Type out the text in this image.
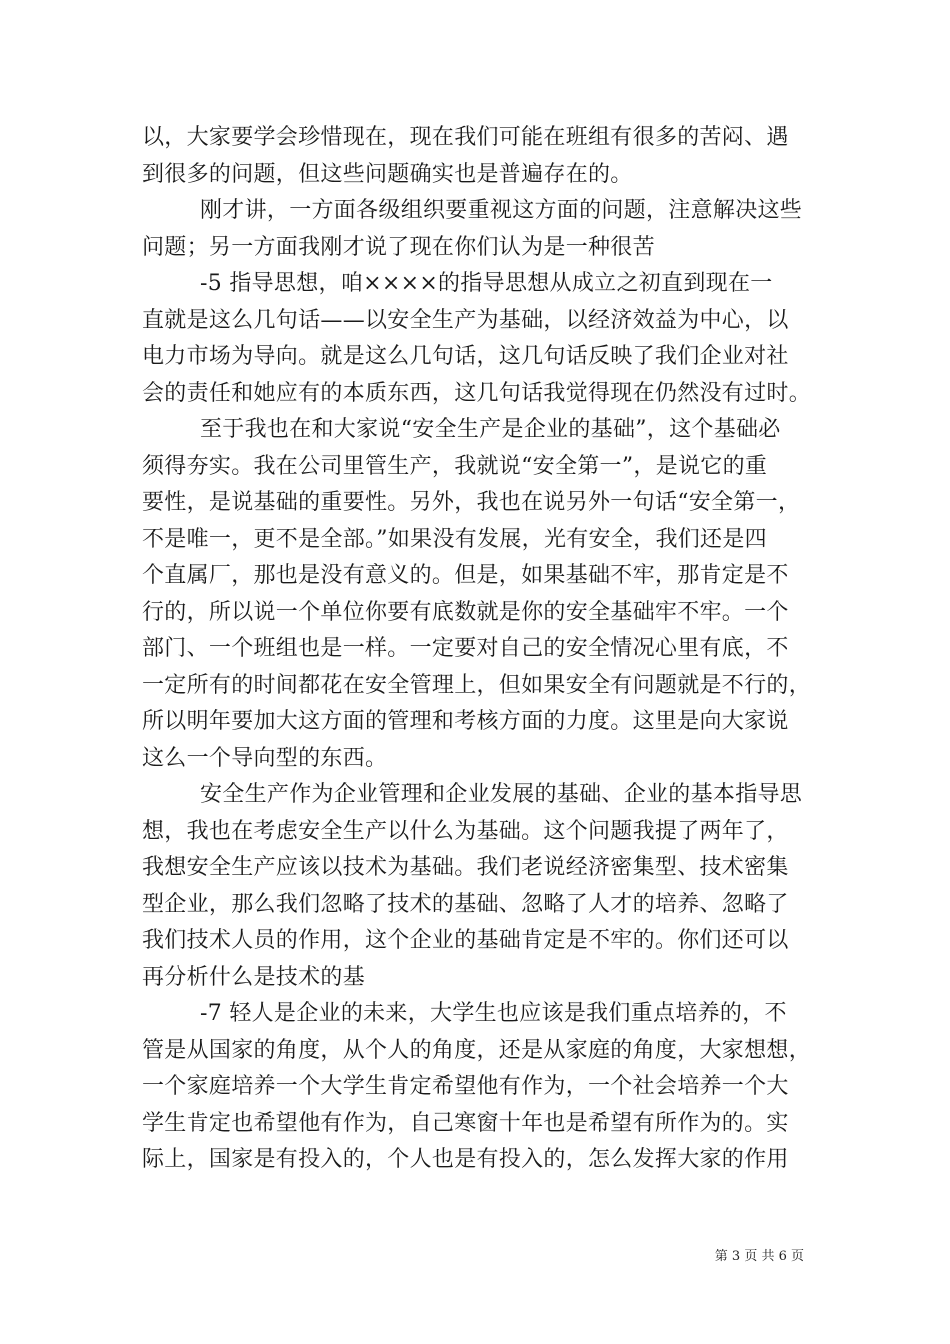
以，大家要学会珍惜现在，现在我们可能在班组有很多的苦闷、遇
到很多的问题，但这些问题确实也是普遍存在的。
刚才讲，一方面各级组织要重视这方面的问题，注意解决这些
问题；另一方面我刚才说了现在你们认为是一种很苦
-5 指导思想，咱××××的指导思想从成立之初直到现在一
直就是这么几句话——以安全生产为基础，以经济效益为中心，以
电力市场为导向。就是这么几句话，这几句话反映了我们企业对社
会的责任和她应有的本质东西，这几句话我觉得现在仍然没有过时。
至于我也在和大家说“安全生产是企业的基础”，这个基础必
须得夯实。我在公司里管生产，我就说“安全第一”，是说它的重
要性，是说基础的重要性。另外，我也在说另外一句话“安全第一，
不是唯一，更不是全部。”如果没有发展，光有安全，我们还是四
个直属厂，那也是没有意义的。但是，如果基础不牢，那肯定是不
行的，所以说一个单位你要有底数就是你的安全基础牢不牢。一个
部门、一个班组也是一样。一定要对自己的安全情况心里有底，不
一定所有的时间都花在安全管理上，但如果安全有问题就是不行的，
所以明年要加大这方面的管理和考核方面的力度。这里是向大家说
这么一个导向型的东西。
安全生产作为企业管理和企业发展的基础、企业的基本指导思
想，我也在考虑安全生产以什么为基础。这个问题我提了两年了，
我想安全生产应该以技术为基础。我们老说经济密集型、技术密集
型企业，那么我们忽略了技术的基础、忽略了人才的培养、忽略了
我们技术人员的作用，这个企业的基础肯定是不牢的。你们还可以
再分析什么是技术的基
-7 轻人是企业的未来，大学生也应该是我们重点培养的，不
管是从国家的角度，从个人的角度，还是从家庭的角度，大家想想，
一个家庭培养一个大学生肯定希望他有作为，一个社会培养一个大
学生肯定也希望他有作为，自己寒窗十年也是希望有所作为的。实
际上，国家是有投入的，个人也是有投入的，怎么发挥大家的作用
第 3 页 共 6 页
